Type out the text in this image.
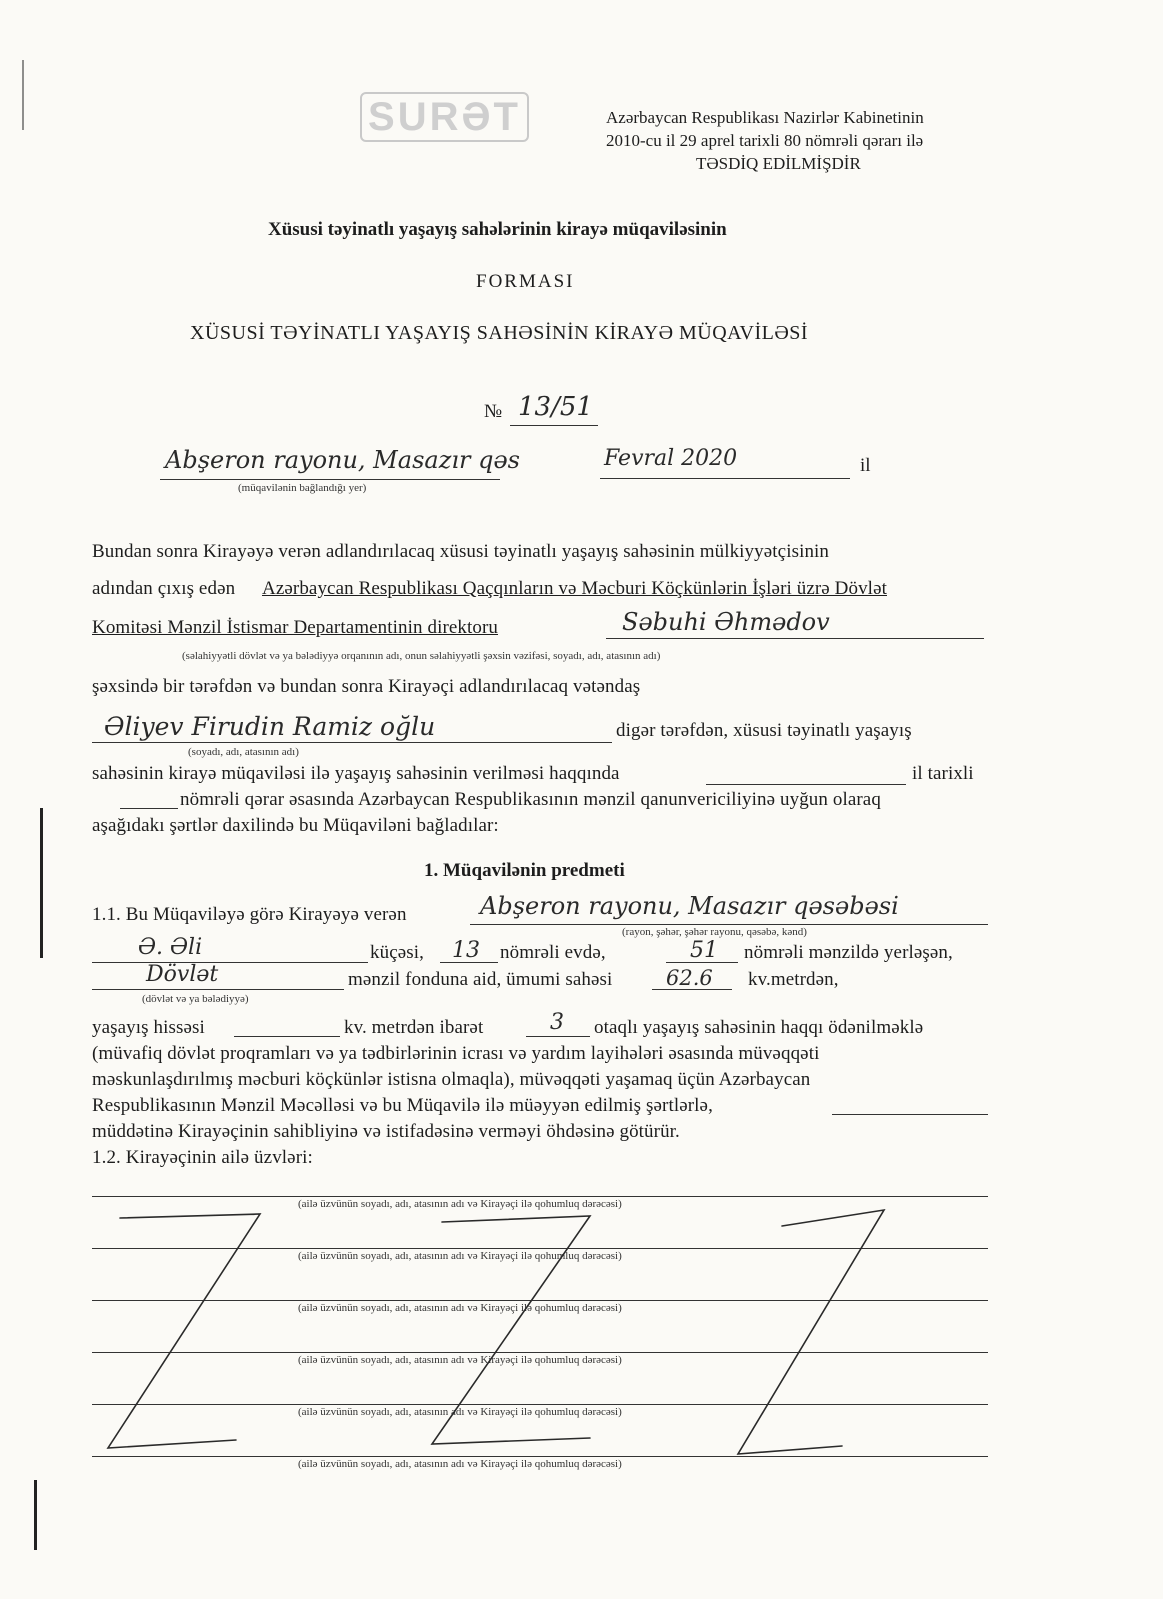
SURƏT	Azərbaycan Respublikası Nazirlər Kabinetinin
2010-cu il 29 aprel tarixli 80 nömrəli qərarı ilə
TƏSDİQ EDİLMİŞDİR
Xüsusi təyinatlı yaşayış sahələrinin kirayə müqaviləsinin
FORMASI
XÜSUSİ TƏYİNATLI YAŞAYIŞ SAHƏSİNİN KİRAYƏ MÜQAVİLƏSİ
№ 13/51
Abşeron rayonu, Masazır qəs
(müqavilənin bağlandığı yer)
Fevral 2020	il
Bundan sonra Kirayəyə verən adlandırılacaq xüsusi təyinatlı yaşayış sahəsinin mülkiyyətçisinin
adından çıxış edən Azərbaycan Respublikası Qaçqınların və Məcburi Köçkünlərin İşləri üzrə Dövlət
Komitəsi Mənzil İstismar Departamentinin direktoru	Səbuhi Əhmədov
(səlahiyyətli dövlət və ya bələdiyyə orqanının adı, onun səlahiyyətli şəxsin vəzifəsi, soyadı, adı, atasının adı)
şəxsində bir tərəfdən və bundan sonra Kirayəçi adlandırılacaq vətəndaş
Əliyev Firudin Ramiz oğlu	digər tərəfdən, xüsusi təyinatlı yaşayış
(soyadı, adı, atasının adı)
sahəsinin kirayə müqaviləsi ilə yaşayış sahəsinin verilməsi haqqında	il tarixli
nömrəli qərar əsasında Azərbaycan Respublikasının mənzil qanunvericiliyinə uyğun olaraq
aşağıdakı şərtlər daxilində bu Müqaviləni bağladılar:
1. Müqavilənin predmeti
1.1. Bu Müqaviləyə görə Kirayəyə verən	Abşeron rayonu, Masazır qəsəbəsi
(rayon, şəhər, şəhər rayonu, qəsəbə, kənd)
Ə. Əli	küçəsi, 13 nömrəli evdə,	51 nömrəli mənzildə yerləşən,
Dövlət	mənzil fonduna aid, ümumi sahəsi	62.6 kv.metrdən,
(dövlət və ya bələdiyyə)
yaşayış hissəsi	kv. metrdən ibarət	3 otaqlı yaşayış sahəsinin haqqı ödənilməklə
(müvafiq dövlət proqramları və ya tədbirlərinin icrası və yardım layihələri əsasında müvəqqəti
məskunlaşdırılmış məcburi köçkünlər istisna olmaqla), müvəqqəti yaşamaq üçün Azərbaycan
Respublikasının Mənzil Məcəlləsi və bu Müqavilə ilə müəyyən edilmiş şərtlərlə,
müddətinə Kirayəçinin sahibliyinə və istifadəsinə verməyi öhdəsinə götürür.
1.2. Kirayəçinin ailə üzvləri:
(ailə üzvünün soyadı, adı, atasının adı və Kirayəçi ilə qohumluq dərəcəsi)
(ailə üzvünün soyadı, adı, atasının adı və Kirayəçi ilə qohumluq dərəcəsi)
(ailə üzvünün soyadı, adı, atasının adı və Kirayəçi ilə qohumluq dərəcəsi)
(ailə üzvünün soyadı, adı, atasının adı və Kirayəçi ilə qohumluq dərəcəsi)
(ailə üzvünün soyadı, adı, atasının adı və Kirayəçi ilə qohumluq dərəcəsi)
(ailə üzvünün soyadı, adı, atasının adı və Kirayəçi ilə qohumluq dərəcəsi)
